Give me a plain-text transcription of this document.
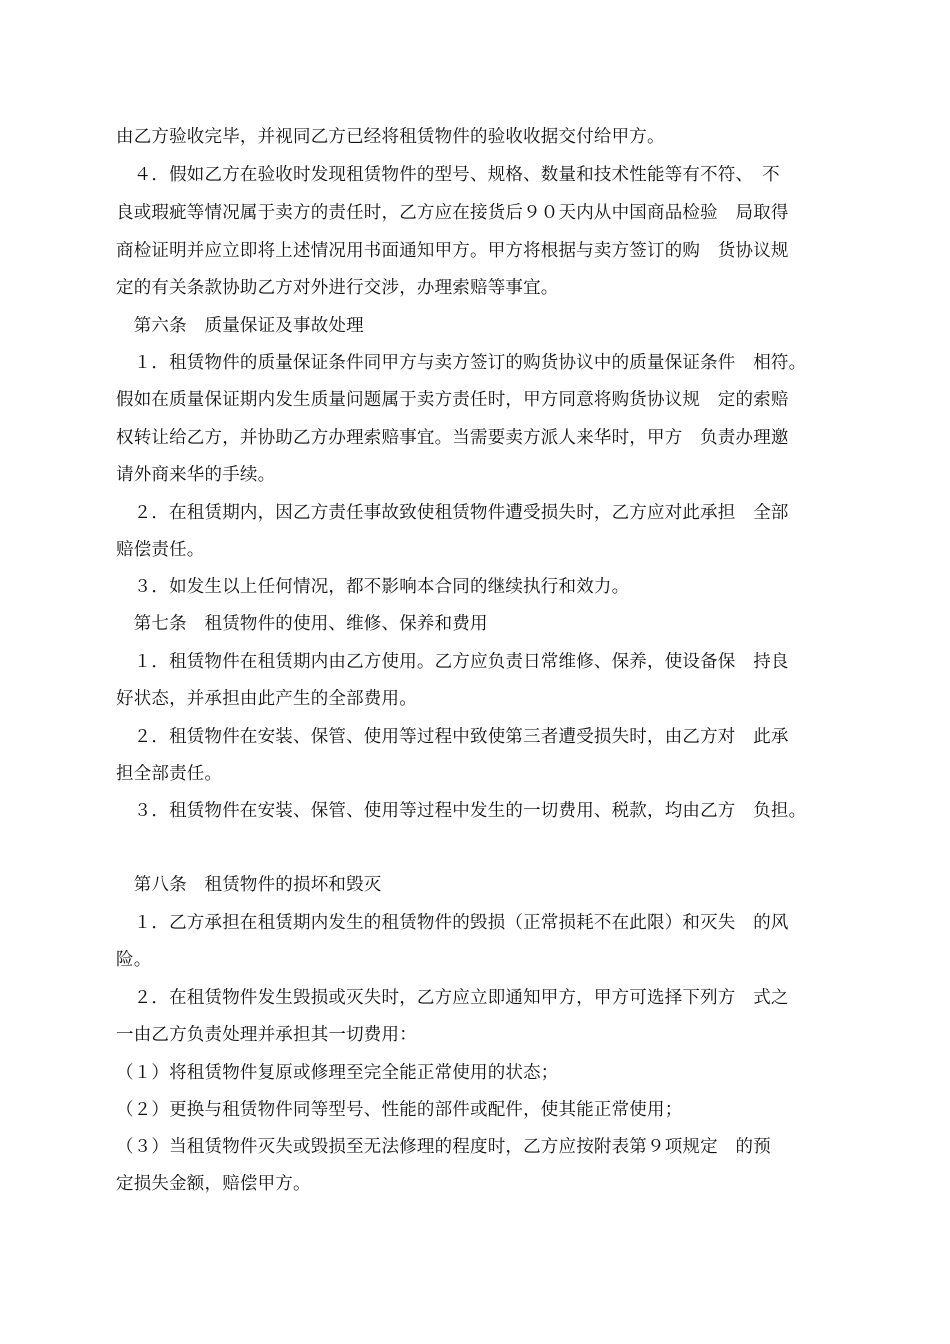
由乙方验收完毕，并视同乙方已经将租赁物件的验收收据交付给甲方。
　４．假如乙方在验收时发现租赁物件的型号、规格、数量和技术性能等有不符、　不
良或瑕疵等情况属于卖方的责任时，乙方应在接货后９０天内从中国商品检验　局取得
商检证明并应立即将上述情况用书面通知甲方。甲方将根据与卖方签订的购　货协议规
定的有关条款协助乙方对外进行交涉，办理索赔等事宜。
　第六条　质量保证及事故处理
　１．租赁物件的质量保证条件同甲方与卖方签订的购货协议中的质量保证条件　相符。
假如在质量保证期内发生质量问题属于卖方责任时，甲方同意将购货协议规　定的索赔
权转让给乙方，并协助乙方办理索赔事宜。当需要卖方派人来华时，甲方　负责办理邀
请外商来华的手续。
　２．在租赁期内，因乙方责任事故致使租赁物件遭受损失时，乙方应对此承担　全部
赔偿责任。
　３．如发生以上任何情况，都不影响本合同的继续执行和效力。
　第七条　租赁物件的使用、维修、保养和费用
　１．租赁物件在租赁期内由乙方使用。乙方应负责日常维修、保养，使设备保　持良
好状态，并承担由此产生的全部费用。
　２．租赁物件在安装、保管、使用等过程中致使第三者遭受损失时，由乙方对　此承
担全部责任。
　３．租赁物件在安装、保管、使用等过程中发生的一切费用、税款，均由乙方　负担。
　第八条　租赁物件的损坏和毁灭
　１．乙方承担在租赁期内发生的租赁物件的毁损（正常损耗不在此限）和灭失　的风
险。
　２．在租赁物件发生毁损或灭失时，乙方应立即通知甲方，甲方可选择下列方　式之
一由乙方负责处理并承担其一切费用：
（１）将租赁物件复原或修理至完全能正常使用的状态；
（２）更换与租赁物件同等型号、性能的部件或配件，使其能正常使用；
（３）当租赁物件灭失或毁损至无法修理的程度时，乙方应按附表第９项规定　的预
定损失金额，赔偿甲方。
